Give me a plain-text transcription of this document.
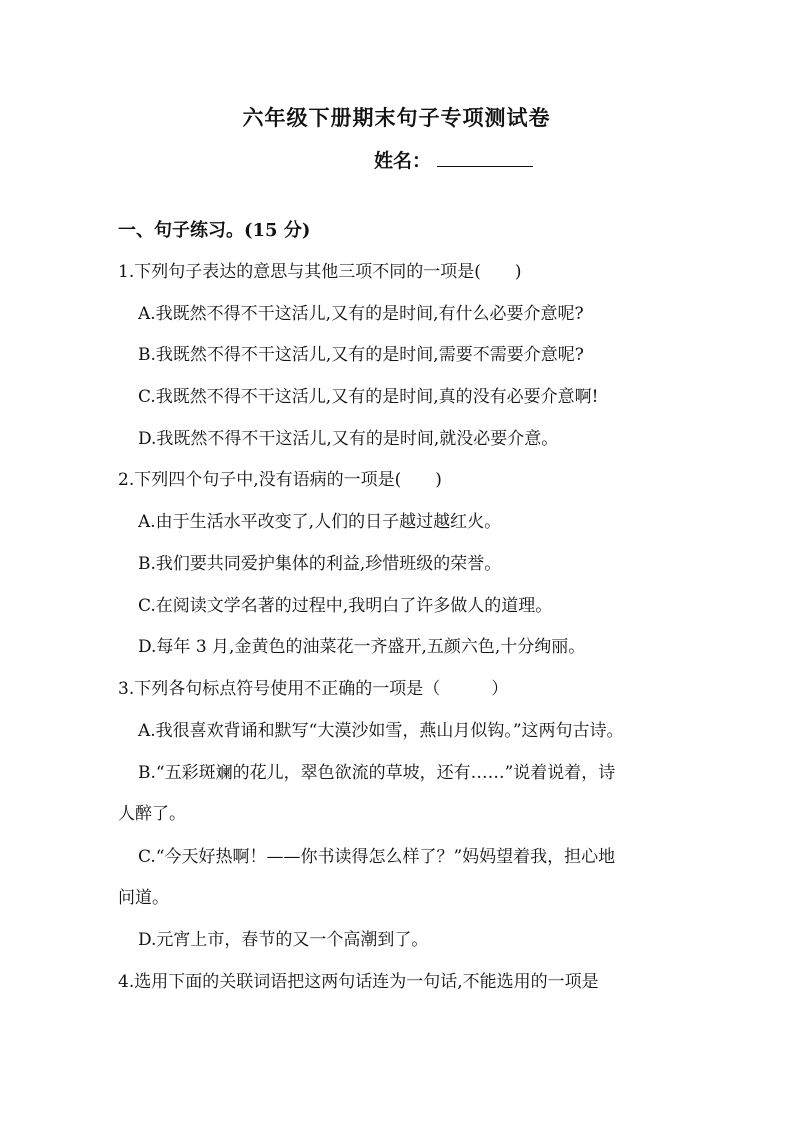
六年级下册期末句子专项测试卷
姓名：
一、句子练习。(15 分)
1.下列句子表达的意思与其他三项不同的一项是(　　)
A.我既然不得不干这活儿,又有的是时间,有什么必要介意呢?
B.我既然不得不干这活儿,又有的是时间,需要不需要介意呢?
C.我既然不得不干这活儿,又有的是时间,真的没有必要介意啊!
D.我既然不得不干这活儿,又有的是时间,就没必要介意。
2.下列四个句子中,没有语病的一项是(　　)
A.由于生活水平改变了,人们的日子越过越红火。
B.我们要共同爱护集体的利益,珍惜班级的荣誉。
C.在阅读文学名著的过程中,我明白了许多做人的道理。
D.每年 3 月,金黄色的油菜花一齐盛开,五颜六色,十分绚丽。
3.下列各句标点符号使用不正确的一项是（　　　）
A.我很喜欢背诵和默写“大漠沙如雪，燕山月似钩。”这两句古诗。
B.“五彩斑斓的花儿，翠色欲流的草坡，还有……”说着说着，诗
人醉了。
C.“今天好热啊！——你书读得怎么样了？”妈妈望着我，担心地
问道。
D.元宵上市，春节的又一个高潮到了。
4.选用下面的关联词语把这两句话连为一句话,不能选用的一项是
